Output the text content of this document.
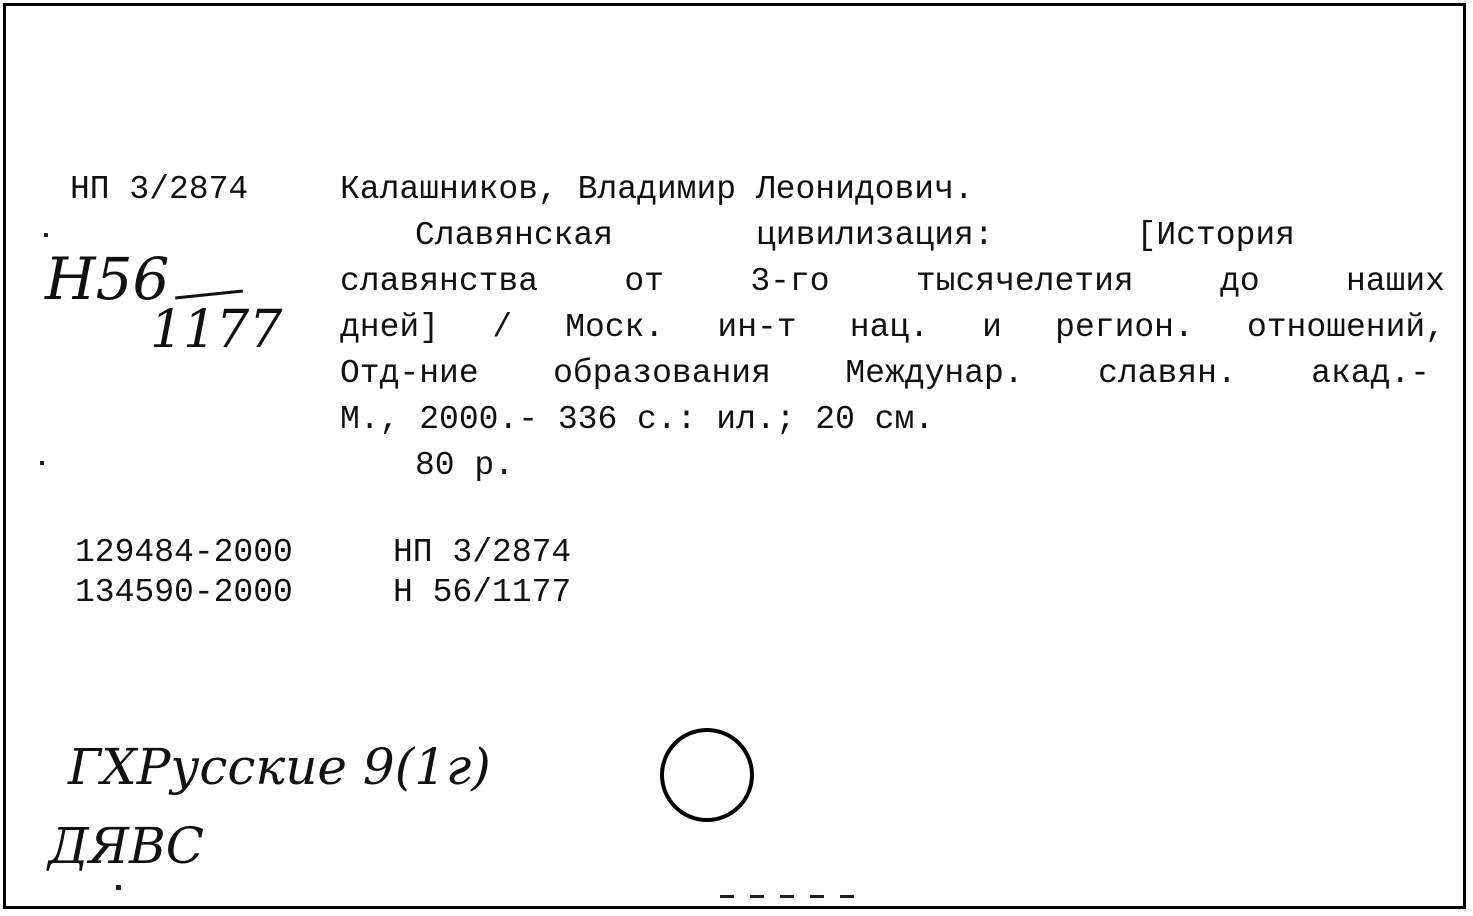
НП 3/2874	Калашников, Владимир Леонидович.
Славянская	цивилизация:	[История
славянства	от	3-го	тысячелетия	до	наших
дней] / Моск. ин-т нац. и регион. отношений,
Отд-ние образования Междунар. славян. акад.-
М., 2000.- 336 с.: ил.; 20 см.
80 р.
129484-2000	НП 3/2874
134590-2000	Н 56/1177
Н56
1177
ГХРусские 9(1г)
ДЯВС
